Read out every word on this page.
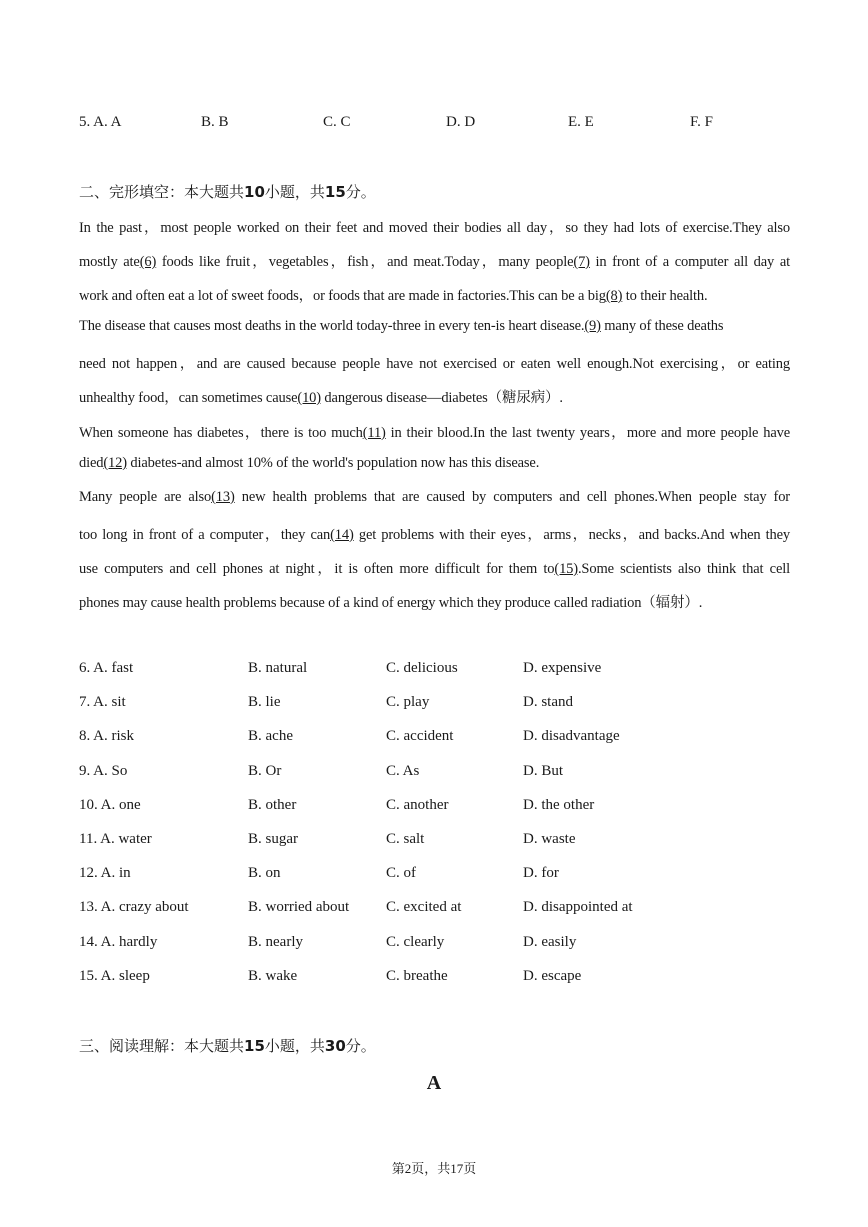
5. A. A	B. B	C. C	D. D	E. E	F. F
二、完形填空：本大题共10小题，共15分。
In the past，most people worked on their feet and moved their bodies all day，so they had lots of exercise.They also
mostly ate(6) foods like fruit，vegetables，fish，and meat.Today，many people(7) in front of a computer all day at
work and often eat a lot of sweet foods，or foods that are made in factories.This can be a big(8) to their health.
The disease that causes most deaths in the world today-three in every ten-is heart disease.(9) many of these deaths
need not happen，and are caused because people have not exercised or eaten well enough.Not exercising，or eating
unhealthy food，can sometimes cause(10) dangerous disease—diabetes（糖尿病）.
When someone has diabetes，there is too much(11) in their blood.In the last twenty years，more and more people have
died(12) diabetes-and almost 10% of the world's population now has this disease.
Many people are also(13) new health problems that are caused by computers and cell phones.When people stay for
too long in front of a computer，they can(14) get problems with their eyes，arms，necks，and backs.And when they
use computers and cell phones at night，it is often more difficult for them to(15).Some scientists also think that cell
phones may cause health problems because of a kind of energy which they produce called radiation（辐射）.
6. A. fast	B. natural	C. delicious	D. expensive
7. A. sit	B. lie	C. play	D. stand
8. A. risk	B. ache	C. accident	D. disadvantage
9. A. So	B. Or	C. As	D. But
10. A. one	B. other	C. another	D. the other
11. A. water	B. sugar	C. salt	D. waste
12. A. in	B. on	C. of	D. for
13. A. crazy about	B. worried about C. excited at	D. disappointed at
14. A. hardly	B. nearly	C. clearly	D. easily
15. A. sleep	B. wake	C. breathe	D. escape
三、阅读理解：本大题共15小题，共30分。
A
第2页，共17页
